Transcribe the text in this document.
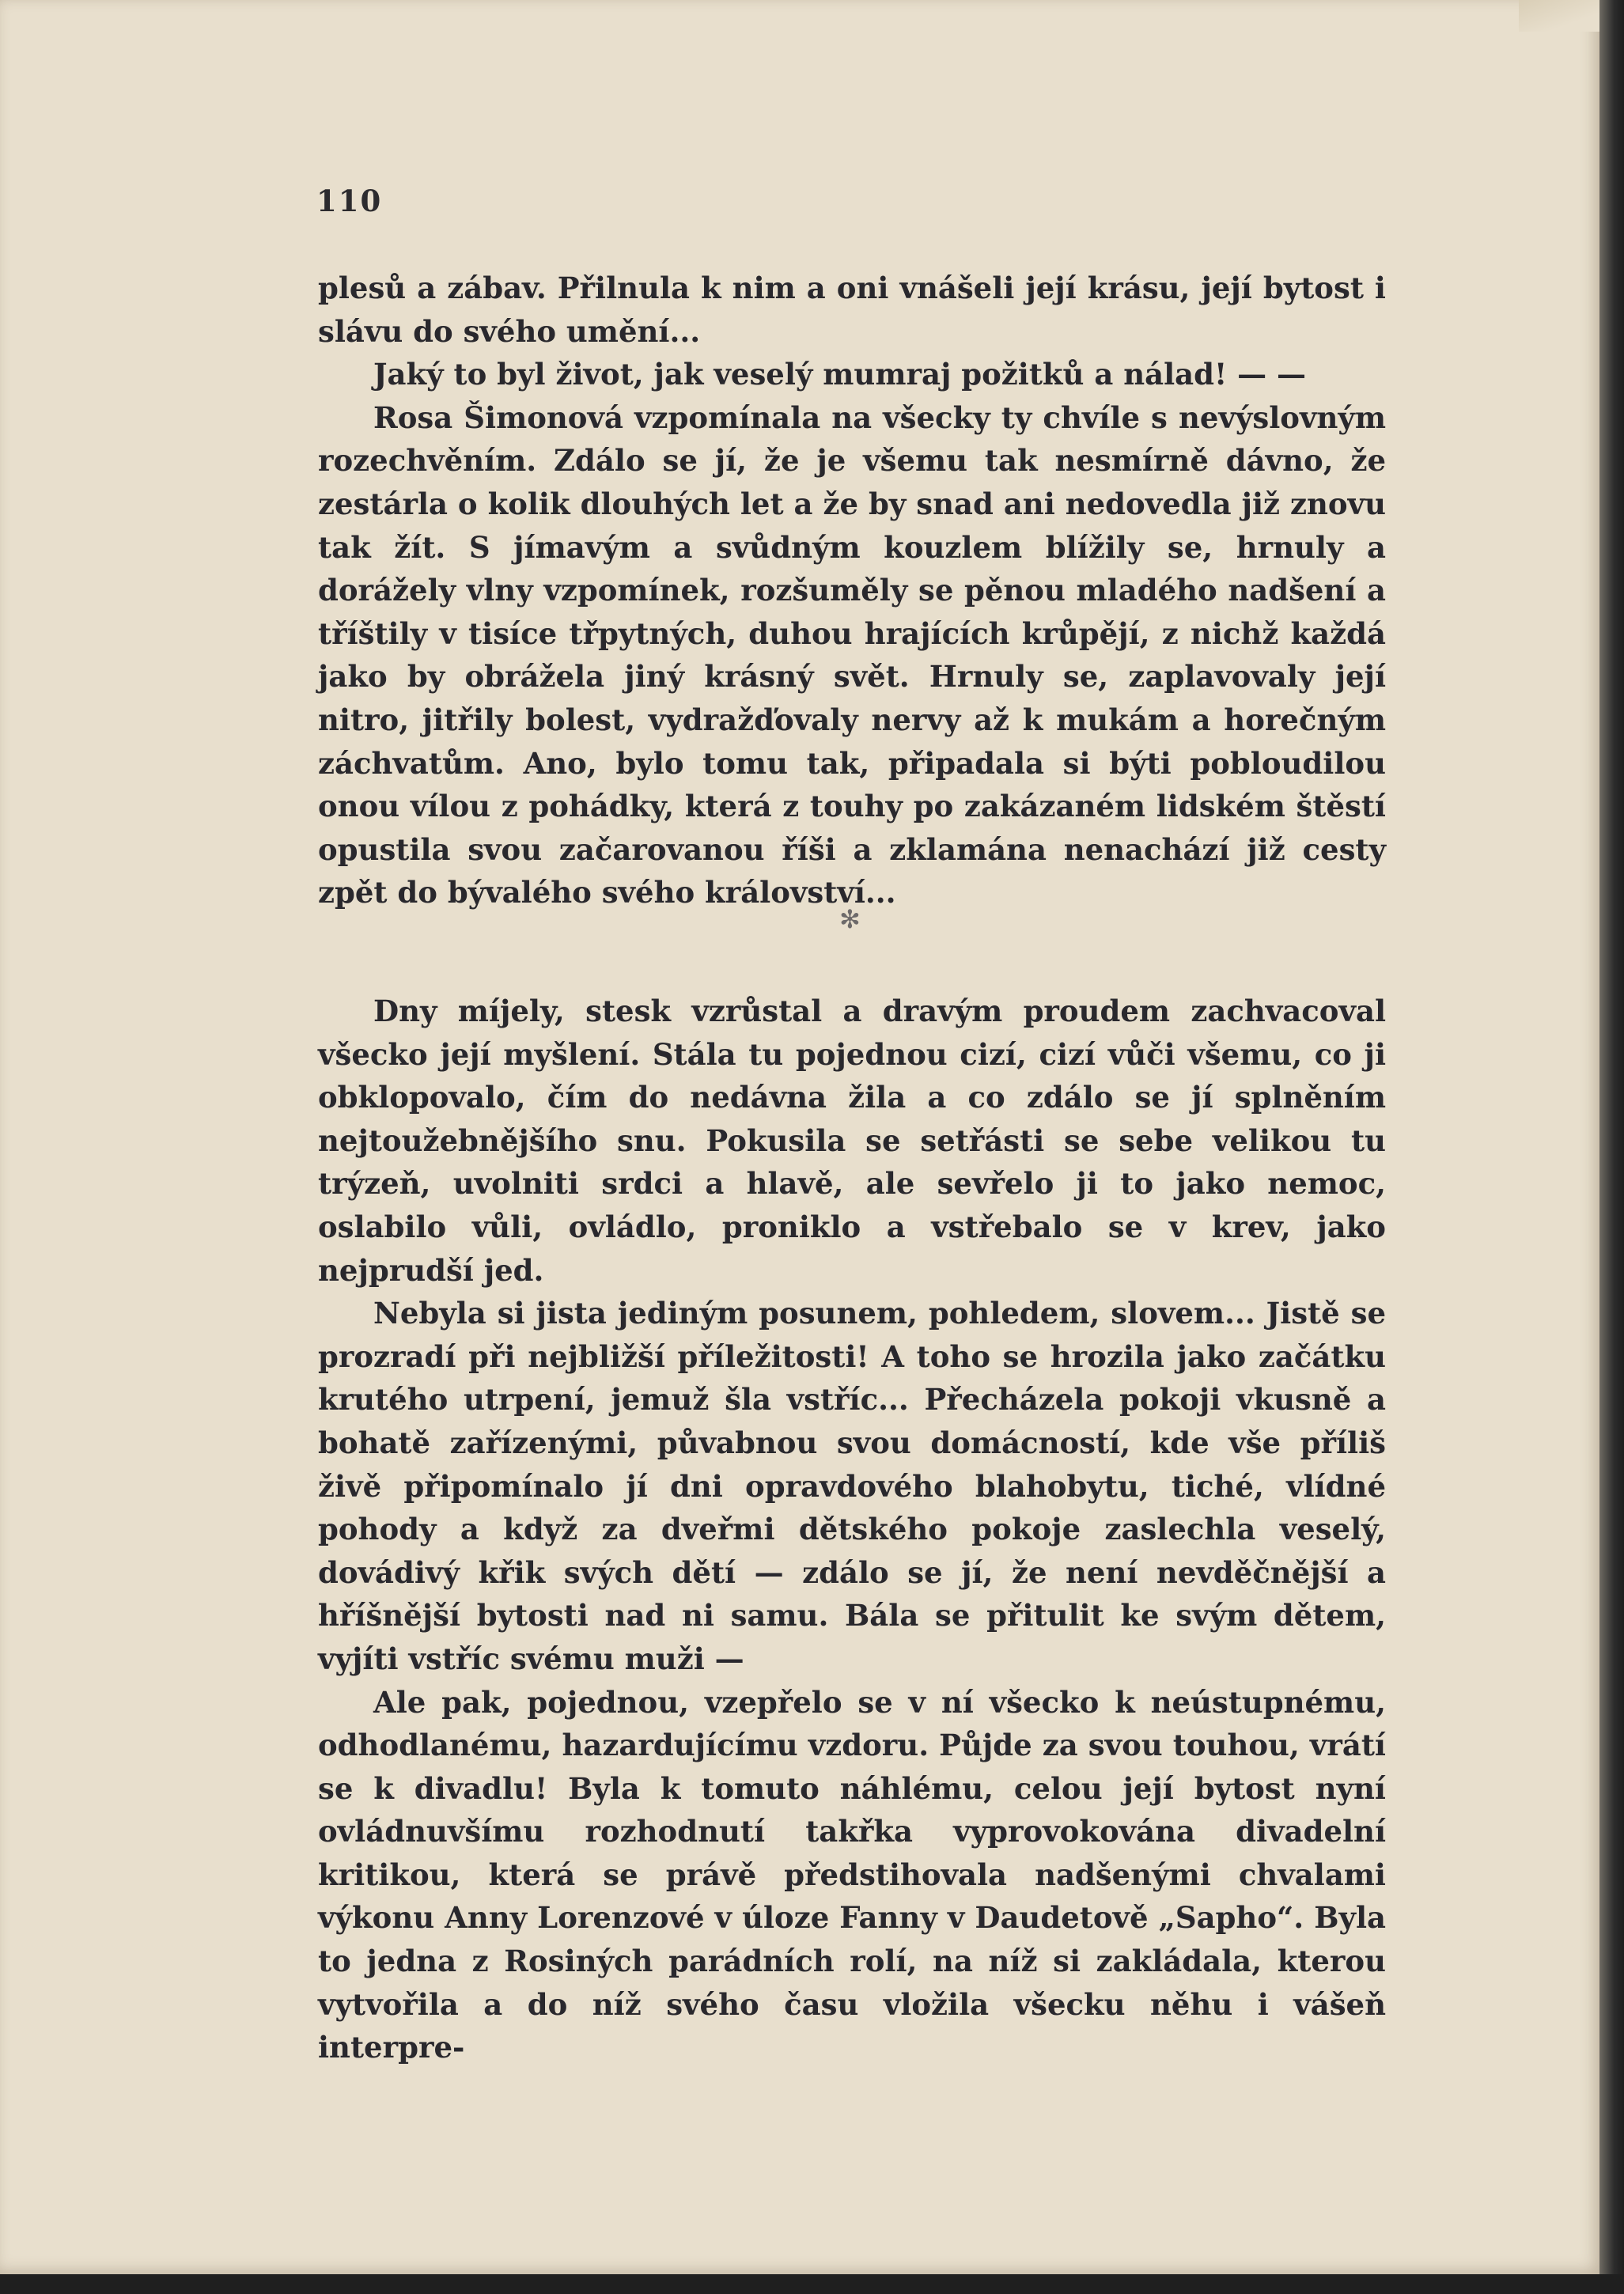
110

plesů a zábav. Přilnula k nim a oni vnášeli její krásu, její bytost i slávu do svého umění...

Jaký to byl život, jak veselý mumraj požitků a nálad! — —

Rosa Šimonová vzpomínala na všecky ty chvíle s nevýslovným rozechvěním. Zdálo se jí, že je všemu tak nesmírně dávno, že zestárla o kolik dlouhých let a že by snad ani nedovedla již znovu tak žít. S jímavým a svůdným kouzlem blížily se, hrnuly a dorážely vlny vzpomínek, rozšuměly se pěnou mladého nadšení a tříštily v tisíce třpytných, duhou hrajících krůpějí, z nichž každá jako by obrážela jiný krásný svět. Hrnuly se, zaplavovaly její nitro, jitřily bolest, vydražďovaly nervy až k mukám a horečným záchvatům. Ano, bylo tomu tak, připadala si býti pobloudilou onou vílou z pohádky, která z touhy po zakázaném lidském štěstí opustila svou začarovanou říši a zklamána nenachází již cesty zpět do bývalého svého království...

✻

Dny míjely, stesk vzrůstal a dravým proudem zachvacoval všecko její myšlení. Stála tu pojednou cizí, cizí vůči všemu, co ji obklopovalo, čím do nedávna žila a co zdálo se jí splněním nejtoužebnějšího snu. Pokusila se setřásti se sebe velikou tu trýzeň, uvolniti srdci a hlavě, ale sevřelo ji to jako nemoc, oslabilo vůli, ovládlo, proniklo a vstřebalo se v krev, jako nejprudší jed.

Nebyla si jista jediným posunem, pohledem, slovem... Jistě se prozradí při nejbližší příležitosti! A toho se hrozila jako začátku krutého utrpení, jemuž šla vstříc... Přecházela pokoji vkusně a bohatě zařízenými, půvabnou svou domácností, kde vše příliš živě připomínalo jí dni opravdového blahobytu, tiché, vlídné pohody a když za dveřmi dětského pokoje zaslechla veselý, dovádivý křik svých dětí — zdálo se jí, že není nevděčnější a hříšnější bytosti nad ni samu. Bála se přitulit ke svým dětem, vyjíti vstříc svému muži —

Ale pak, pojednou, vzepřelo se v ní všecko k neústupnému, odhodlanému, hazardujícímu vzdoru. Půjde za svou touhou, vrátí se k divadlu! Byla k tomuto náhlému, celou její bytost nyní ovládnuvšímu rozhodnutí takřka vyprovokována divadelní kritikou, která se právě předstihovala nadšenými chvalami výkonu Anny Lorenzové v úloze Fanny v Daudetově „Sapho“. Byla to jedna z Rosiných parádních rolí, na níž si zakládala, kterou vytvořila a do níž svého času vložila všecku něhu i vášeň interpre-
